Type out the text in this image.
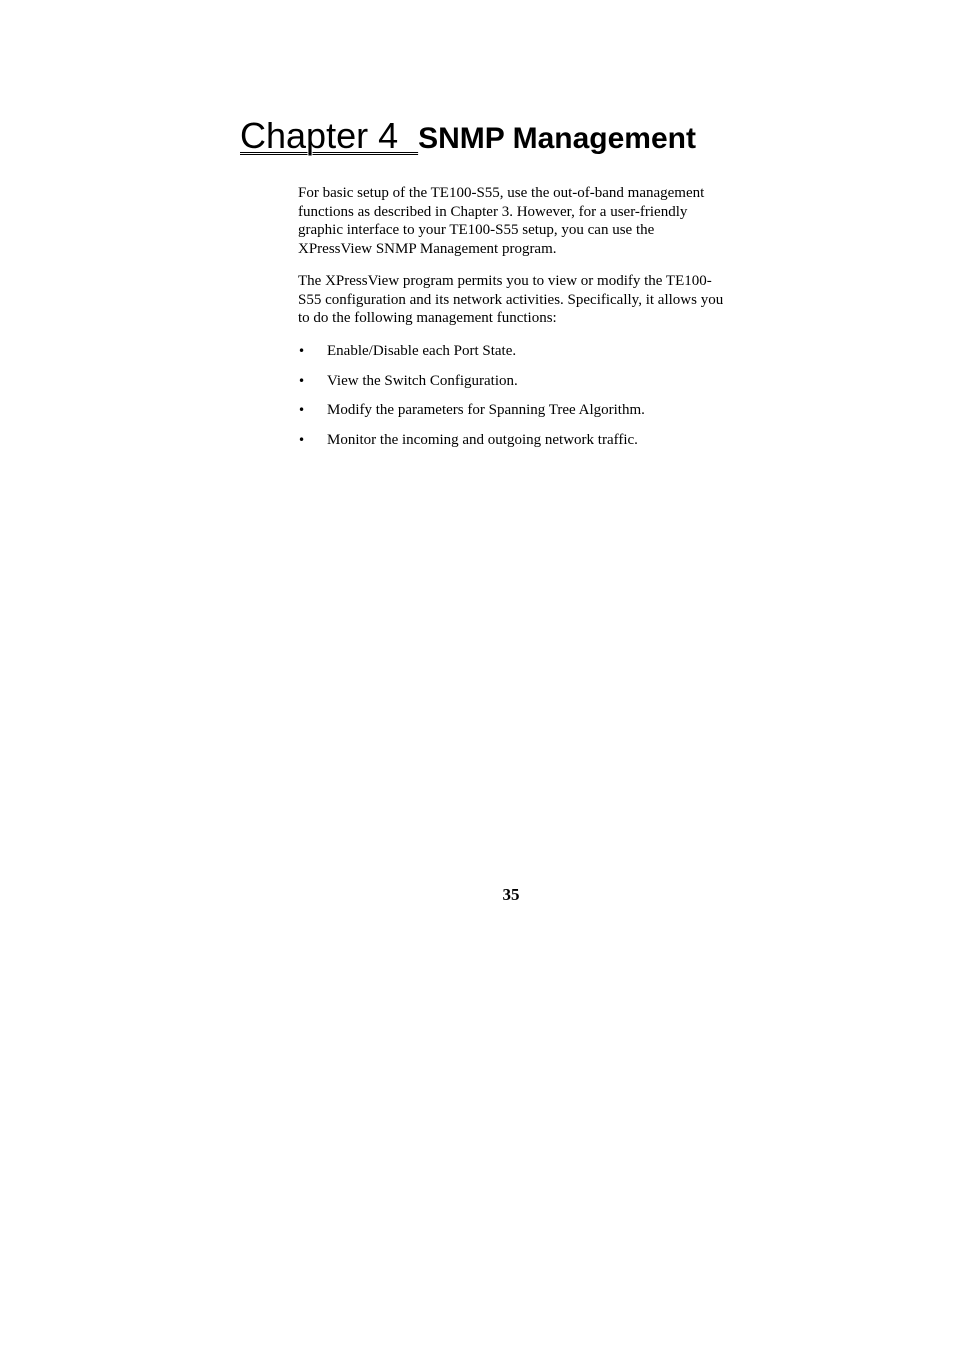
Chapter 4  SNMP Management

For basic setup of the TE100-S55, use the out-of-band management functions as described in Chapter 3. However, for a user-friendly graphic interface to your TE100-S55 setup, you can use the XPressView SNMP Management program.

The XPressView program permits you to view or modify the TE100-S55 configuration and its network activities. Specifically, it allows you to do the following management functions:

•	Enable/Disable each Port State.
•	View the Switch Configuration.
•	Modify the parameters for Spanning Tree Algorithm.
•	Monitor the incoming and outgoing network traffic.
35
